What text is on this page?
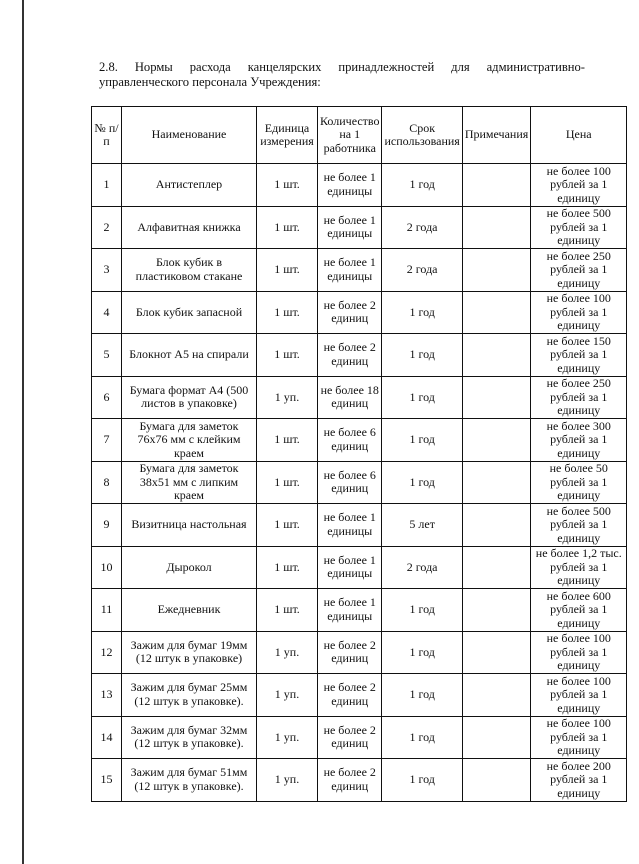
2.8. Нормы расхода канцелярских принадлежностей для административно-управленческого персонала Учреждения:
№ п/п	Наименование	Единица измерения	Количество на 1 работника	Срок использования	Примечания	Цена
1	Антистеплер	1 шт.	не более 1 единицы	1 год		не более 100 рублей за 1 единицу
2	Алфавитная книжка	1 шт.	не более 1 единицы	2 года		не более 500 рублей за 1 единицу
3	Блок кубик в пластиковом стакане	1 шт.	не более 1 единицы	2 года		не более 250 рублей за 1 единицу
4	Блок кубик запасной	1 шт.	не более 2 единиц	1 год		не более 100 рублей за 1 единицу
5	Блокнот А5 на спирали	1 шт.	не более 2 единиц	1 год		не более 150 рублей за 1 единицу
6	Бумага формат А4 (500 листов в упаковке)	1 уп.	не более 18 единиц	1 год		не более 250 рублей за 1 единицу
7	Бумага для заметок 76x76 мм с клейким краем	1 шт.	не более 6 единиц	1 год		не более 300 рублей за 1 единицу
8	Бумага для заметок 38x51 мм с липким краем	1 шт.	не более 6 единиц	1 год		не более 50 рублей за 1 единицу
9	Визитница настольная	1 шт.	не более 1 единицы	5 лет		не более 500 рублей за 1 единицу
10	Дырокол	1 шт.	не более 1 единицы	2 года		не более 1,2 тыс. рублей за 1 единицу
11	Ежедневник	1 шт.	не более 1 единицы	1 год		не более 600 рублей за 1 единицу
12	Зажим для бумаг 19мм (12 штук в упаковке)	1 уп.	не более 2 единиц	1 год		не более 100 рублей за 1 единицу
13	Зажим для бумаг 25мм (12 штук в упаковке).	1 уп.	не более 2 единиц	1 год		не более 100 рублей за 1 единицу
14	Зажим для бумаг 32мм (12 штук в упаковке).	1 уп.	не более 2 единиц	1 год		не более 100 рублей за 1 единицу
15	Зажим для бумаг 51мм (12 штук в упаковке).	1 уп.	не более 2 единиц	1 год		не более 200 рублей за 1 единицу
